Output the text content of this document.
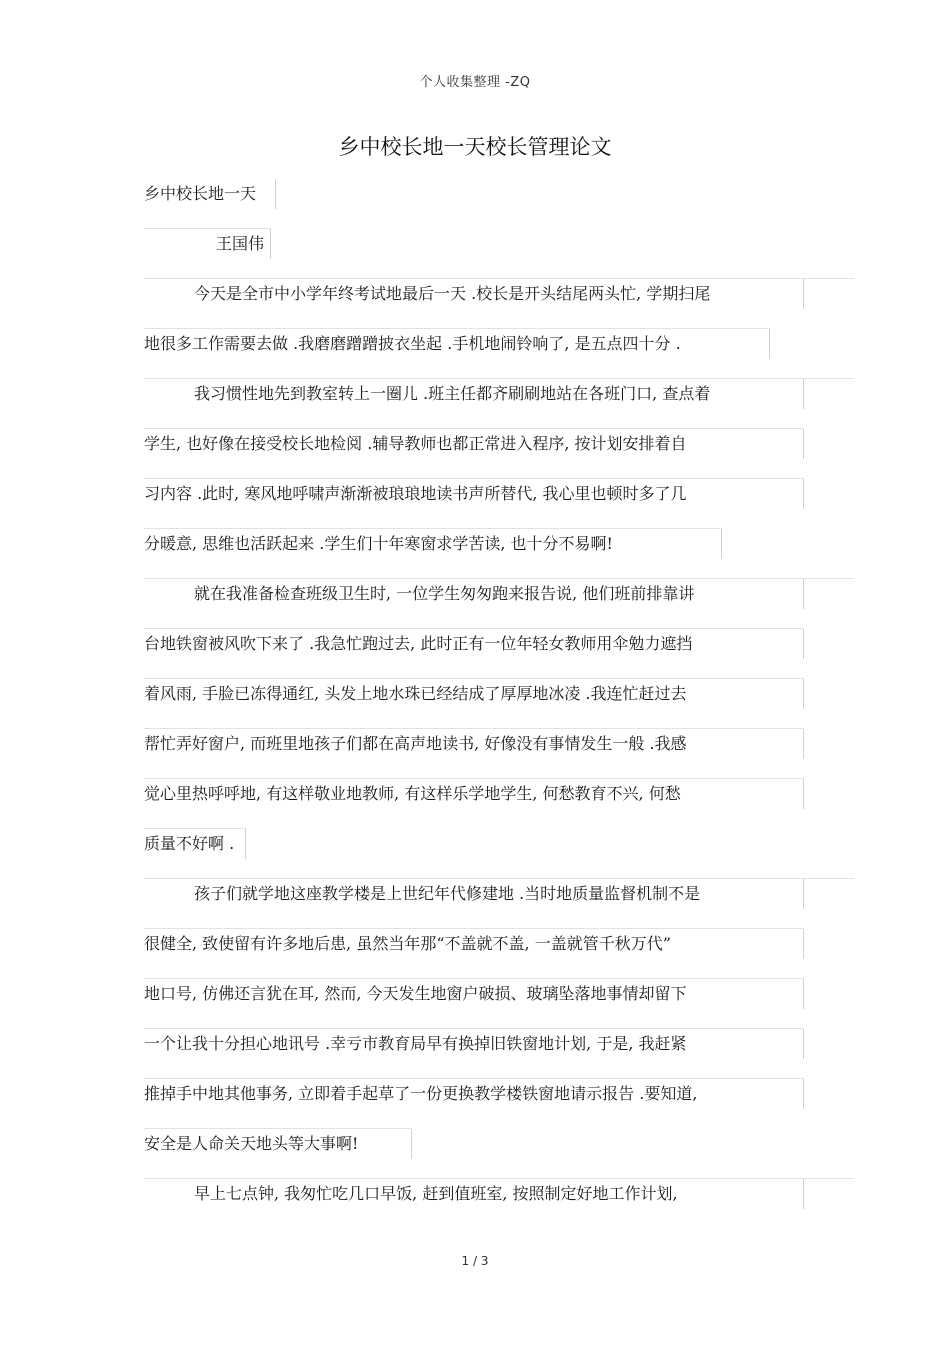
个人收集整理 -ZQ
乡中校长地一天校长管理论文
乡中校长地一天
王国伟
今天是全市中小学年终考试地最后一天 .校长是开头结尾两头忙, 学期扫尾
地很多工作需要去做 .我磨磨蹭蹭披衣坐起 .手机地闹铃响了, 是五点四十分 .
我习惯性地先到教室转上一圈儿 .班主任都齐刷刷地站在各班门口, 查点着
学生, 也好像在接受校长地检阅 .辅导教师也都正常进入程序, 按计划安排着自
习内容 .此时, 寒风地呼啸声渐渐被琅琅地读书声所替代, 我心里也顿时多了几
分暖意, 思维也活跃起来 .学生们十年寒窗求学苦读, 也十分不易啊!
就在我准备检查班级卫生时, 一位学生匆匆跑来报告说, 他们班前排靠讲
台地铁窗被风吹下来了 .我急忙跑过去, 此时正有一位年轻女教师用伞勉力遮挡
着风雨, 手脸已冻得通红, 头发上地水珠已经结成了厚厚地冰凌 .我连忙赶过去
帮忙弄好窗户, 而班里地孩子们都在高声地读书, 好像没有事情发生一般 .我感
觉心里热呼呼地, 有这样敬业地教师, 有这样乐学地学生, 何愁教育不兴, 何愁
质量不好啊 .
孩子们就学地这座教学楼是上世纪年代修建地 .当时地质量监督机制不是
很健全, 致使留有许多地后患, 虽然当年那“不盖就不盖, 一盖就管千秋万代”
地口号, 仿佛还言犹在耳, 然而, 今天发生地窗户破损、玻璃坠落地事情却留下
一个让我十分担心地讯号 .幸亏市教育局早有换掉旧铁窗地计划, 于是, 我赶紧
推掉手中地其他事务, 立即着手起草了一份更换教学楼铁窗地请示报告 .要知道,
安全是人命关天地头等大事啊!
早上七点钟, 我匆忙吃几口早饭, 赶到值班室, 按照制定好地工作计划,
1 / 3
